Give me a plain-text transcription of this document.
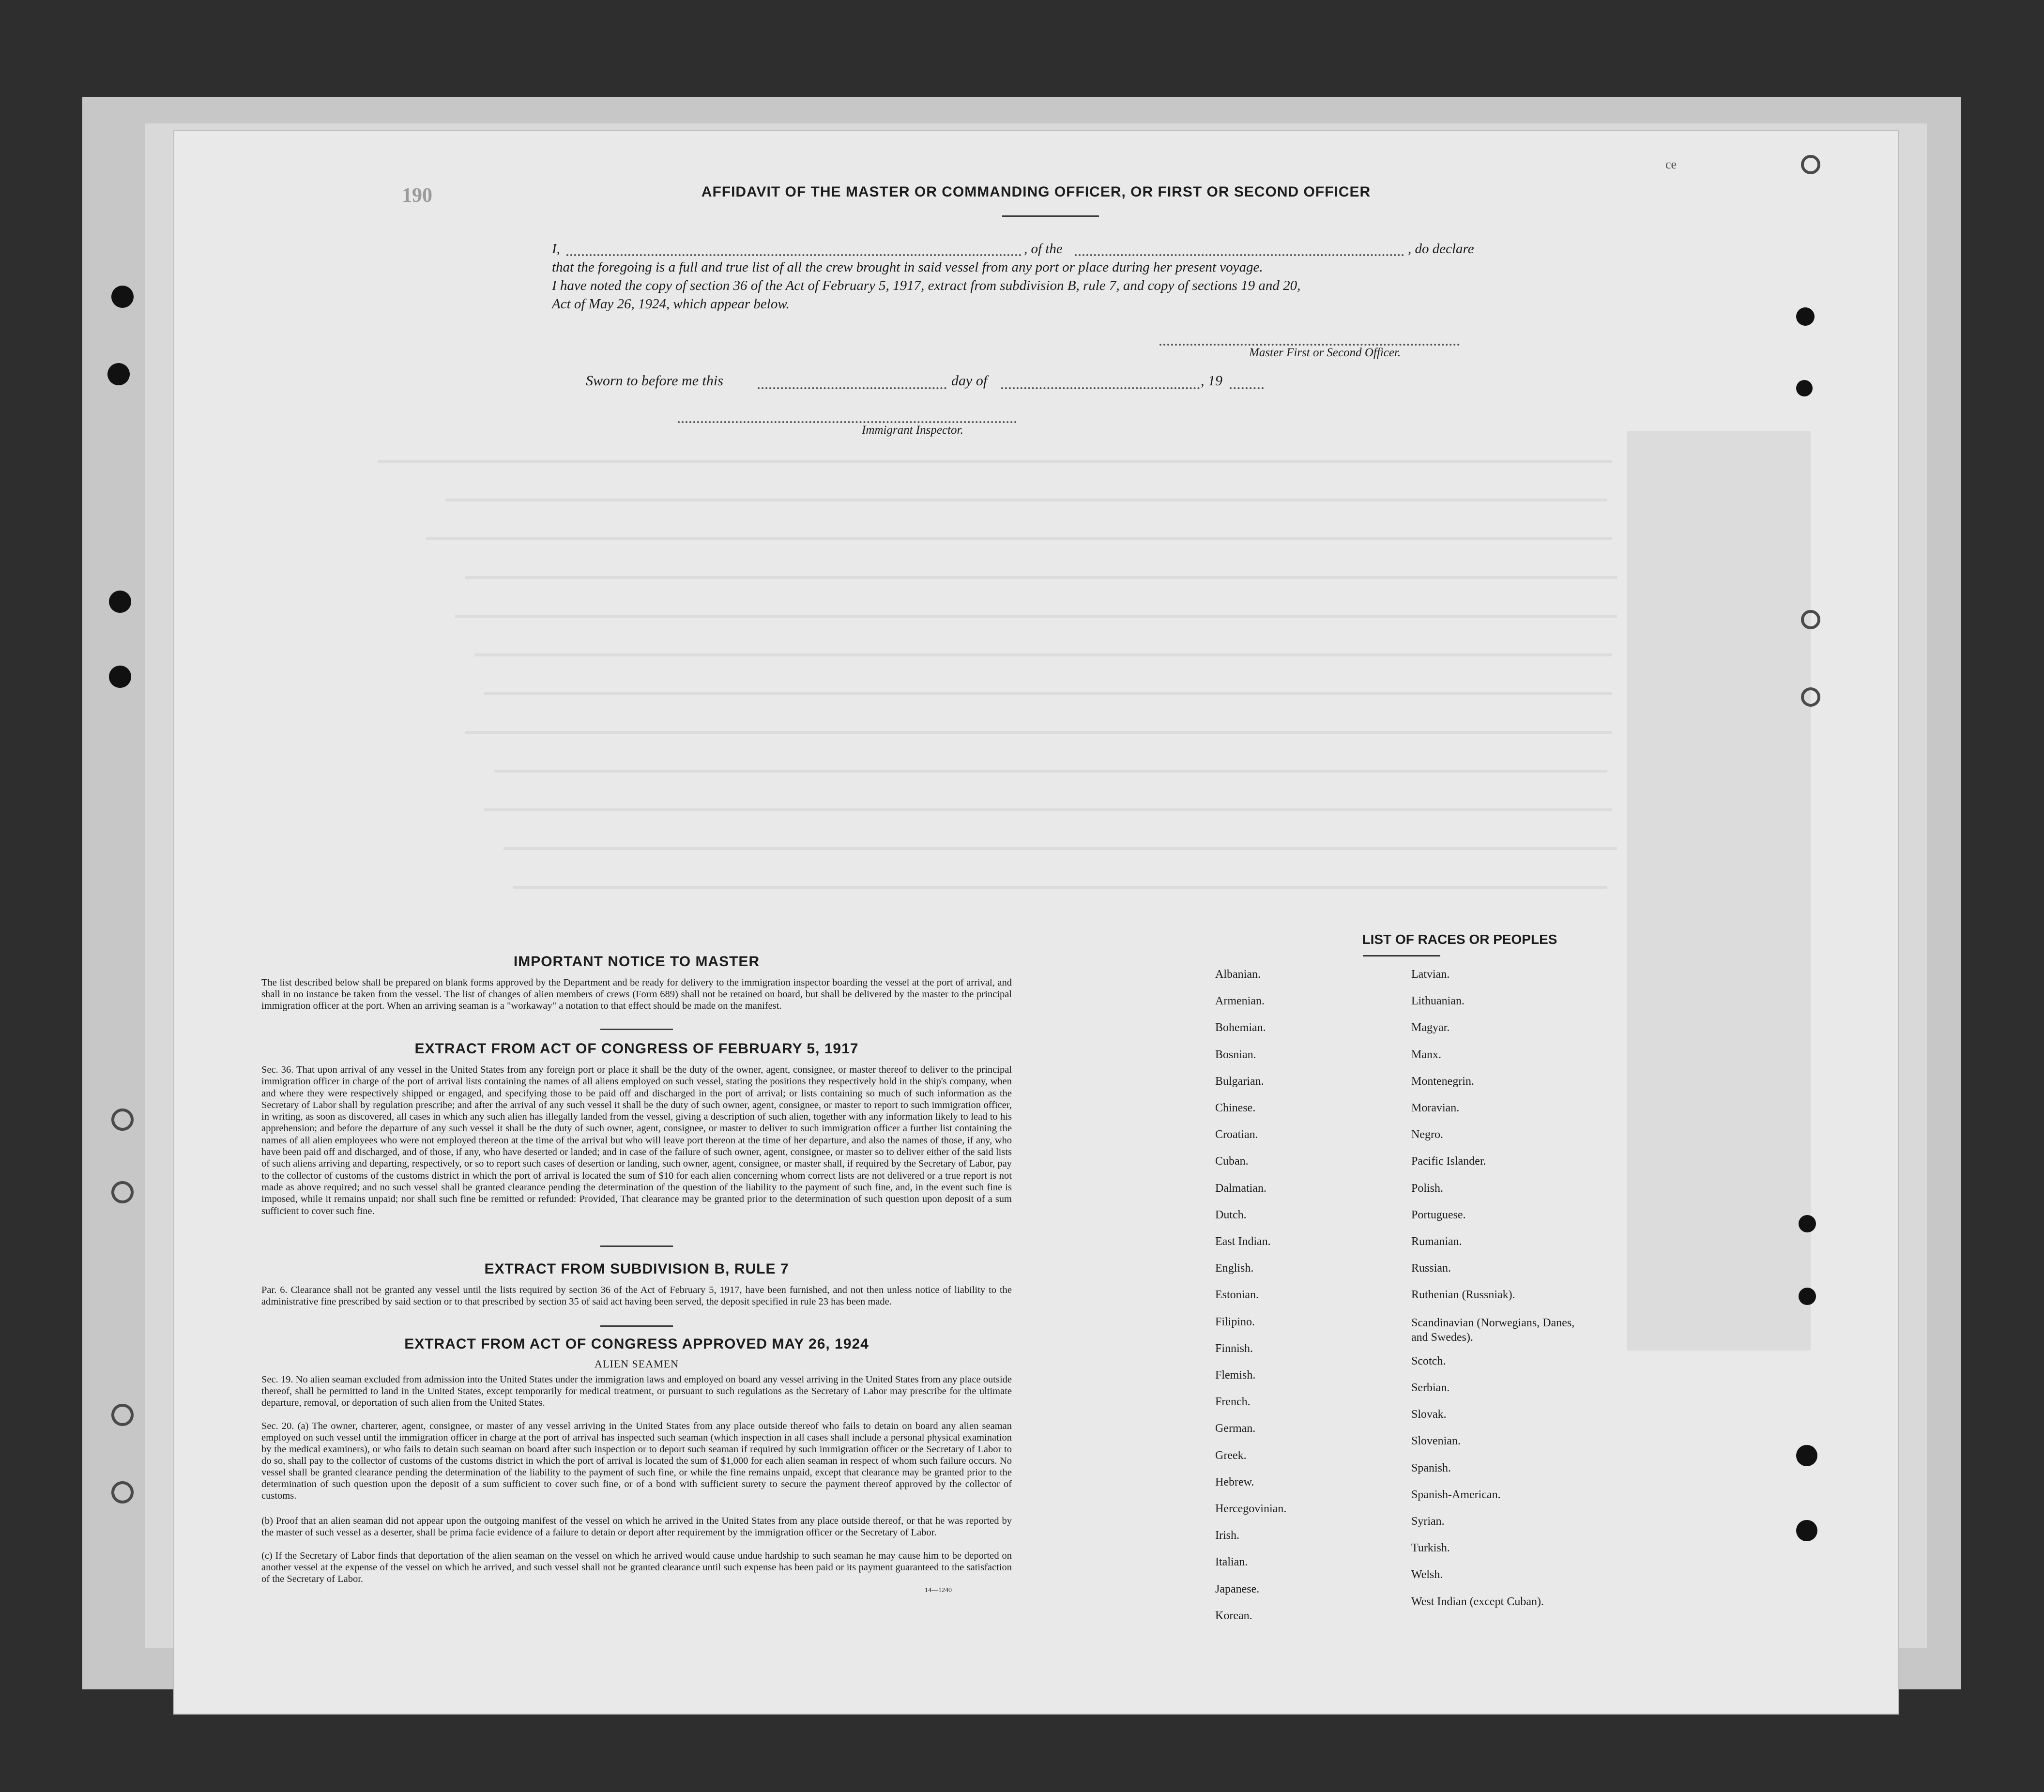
190
ce
AFFIDAVIT OF THE MASTER OR COMMANDING OFFICER, OR FIRST OR SECOND OFFICER
I,	, of the	, do declare
that the foregoing is a full and true list of all the crew brought in said vessel from any port or place during her present voyage.
I have noted the copy of section 36 of the Act of February 5, 1917, extract from subdivision B, rule 7, and copy of sections 19 and 20,
Act of May 26, 1924, which appear below.
Master First or Second Officer.
Sworn to before me this	day of	, 19
Immigrant Inspector.
IMPORTANT NOTICE TO MASTER
The list described below shall be prepared on blank forms approved by the Department and be ready for delivery to the immigration inspector boarding the vessel at the port of arrival, and shall in no instance be taken from the vessel. The list of changes of alien members of crews (Form 689) shall not be retained on board, but shall be delivered by the master to the principal immigration officer at the port. When an arriving seaman is a "workaway" a notation to that effect should be made on the manifest.
EXTRACT FROM ACT OF CONGRESS OF FEBRUARY 5, 1917
Sec. 36. That upon arrival of any vessel in the United States from any foreign port or place it shall be the duty of the owner, agent, consignee, or master thereof to deliver to the principal immigration officer in charge of the port of arrival lists containing the names of all aliens employed on such vessel, stating the positions they respectively hold in the ship's company, when and where they were respectively shipped or engaged, and specifying those to be paid off and discharged in the port of arrival; or lists containing so much of such information as the Secretary of Labor shall by regulation prescribe; and after the arrival of any such vessel it shall be the duty of such owner, agent, consignee, or master to report to such immigration officer, in writing, as soon as discovered, all cases in which any such alien has illegally landed from the vessel, giving a description of such alien, together with any information likely to lead to his apprehension; and before the departure of any such vessel it shall be the duty of such owner, agent, consignee, or master to deliver to such immigration officer a further list containing the names of all alien employees who were not employed thereon at the time of the arrival but who will leave port thereon at the time of her departure, and also the names of those, if any, who have been paid off and discharged, and of those, if any, who have deserted or landed; and in case of the failure of such owner, agent, consignee, or master so to deliver either of the said lists of such aliens arriving and departing, respectively, or so to report such cases of desertion or landing, such owner, agent, consignee, or master shall, if required by the Secretary of Labor, pay to the collector of customs of the customs district in which the port of arrival is located the sum of $10 for each alien concerning whom correct lists are not delivered or a true report is not made as above required; and no such vessel shall be granted clearance pending the determination of the question of the liability to the payment of such fine, and, in the event such fine is imposed, while it remains unpaid; nor shall such fine be remitted or refunded: Provided, That clearance may be granted prior to the determination of such question upon deposit of a sum sufficient to cover such fine.
EXTRACT FROM SUBDIVISION B, RULE 7
Par. 6. Clearance shall not be granted any vessel until the lists required by section 36 of the Act of February 5, 1917, have been furnished, and not then unless notice of liability to the administrative fine prescribed by said section or to that prescribed by section 35 of said act having been served, the deposit specified in rule 23 has been made.
EXTRACT FROM ACT OF CONGRESS APPROVED MAY 26, 1924
ALIEN SEAMEN
Sec. 19. No alien seaman excluded from admission into the United States under the immigration laws and employed on board any vessel arriving in the United States from any place outside thereof, shall be permitted to land in the United States, except temporarily for medical treatment, or pursuant to such regulations as the Secretary of Labor may prescribe for the ultimate departure, removal, or deportation of such alien from the United States.
Sec. 20. (a) The owner, charterer, agent, consignee, or master of any vessel arriving in the United States from any place outside thereof who fails to detain on board any alien seaman employed on such vessel until the immigration officer in charge at the port of arrival has inspected such seaman (which inspection in all cases shall include a personal physical examination by the medical examiners), or who fails to detain such seaman on board after such inspection or to deport such seaman if required by such immigration officer or the Secretary of Labor to do so, shall pay to the collector of customs of the customs district in which the port of arrival is located the sum of $1,000 for each alien seaman in respect of whom such failure occurs. No vessel shall be granted clearance pending the determination of the liability to the payment of such fine, or while the fine remains unpaid, except that clearance may be granted prior to the determination of such question upon the deposit of a sum sufficient to cover such fine, or of a bond with sufficient surety to secure the payment thereof approved by the collector of customs.
(b) Proof that an alien seaman did not appear upon the outgoing manifest of the vessel on which he arrived in the United States from any place outside thereof, or that he was reported by the master of such vessel as a deserter, shall be prima facie evidence of a failure to detain or deport after requirement by the immigration officer or the Secretary of Labor.
(c) If the Secretary of Labor finds that deportation of the alien seaman on the vessel on which he arrived would cause undue hardship to such seaman he may cause him to be deported on another vessel at the expense of the vessel on which he arrived, and such vessel shall not be granted clearance until such expense has been paid or its payment guaranteed to the satisfaction of the Secretary of Labor.
14—1240
LIST OF RACES OR PEOPLES
Albanian.
Armenian.
Bohemian.
Bosnian.
Bulgarian.
Chinese.
Croatian.
Cuban.
Dalmatian.
Dutch.
East Indian.
English.
Estonian.
Filipino.
Finnish.
Flemish.
French.
German.
Greek.
Hebrew.
Hercegovinian.
Irish.
Italian.
Japanese.
Korean.
Latvian.
Lithuanian.
Magyar.
Manx.
Montenegrin.
Moravian.
Negro.
Pacific Islander.
Polish.
Portuguese.
Rumanian.
Russian.
Ruthenian (Russniak).
Scandinavian (Norwegians, Danes, and Swedes).
Scotch.
Serbian.
Slovak.
Slovenian.
Spanish.
Spanish-American.
Syrian.
Turkish.
Welsh.
West Indian (except Cuban).
